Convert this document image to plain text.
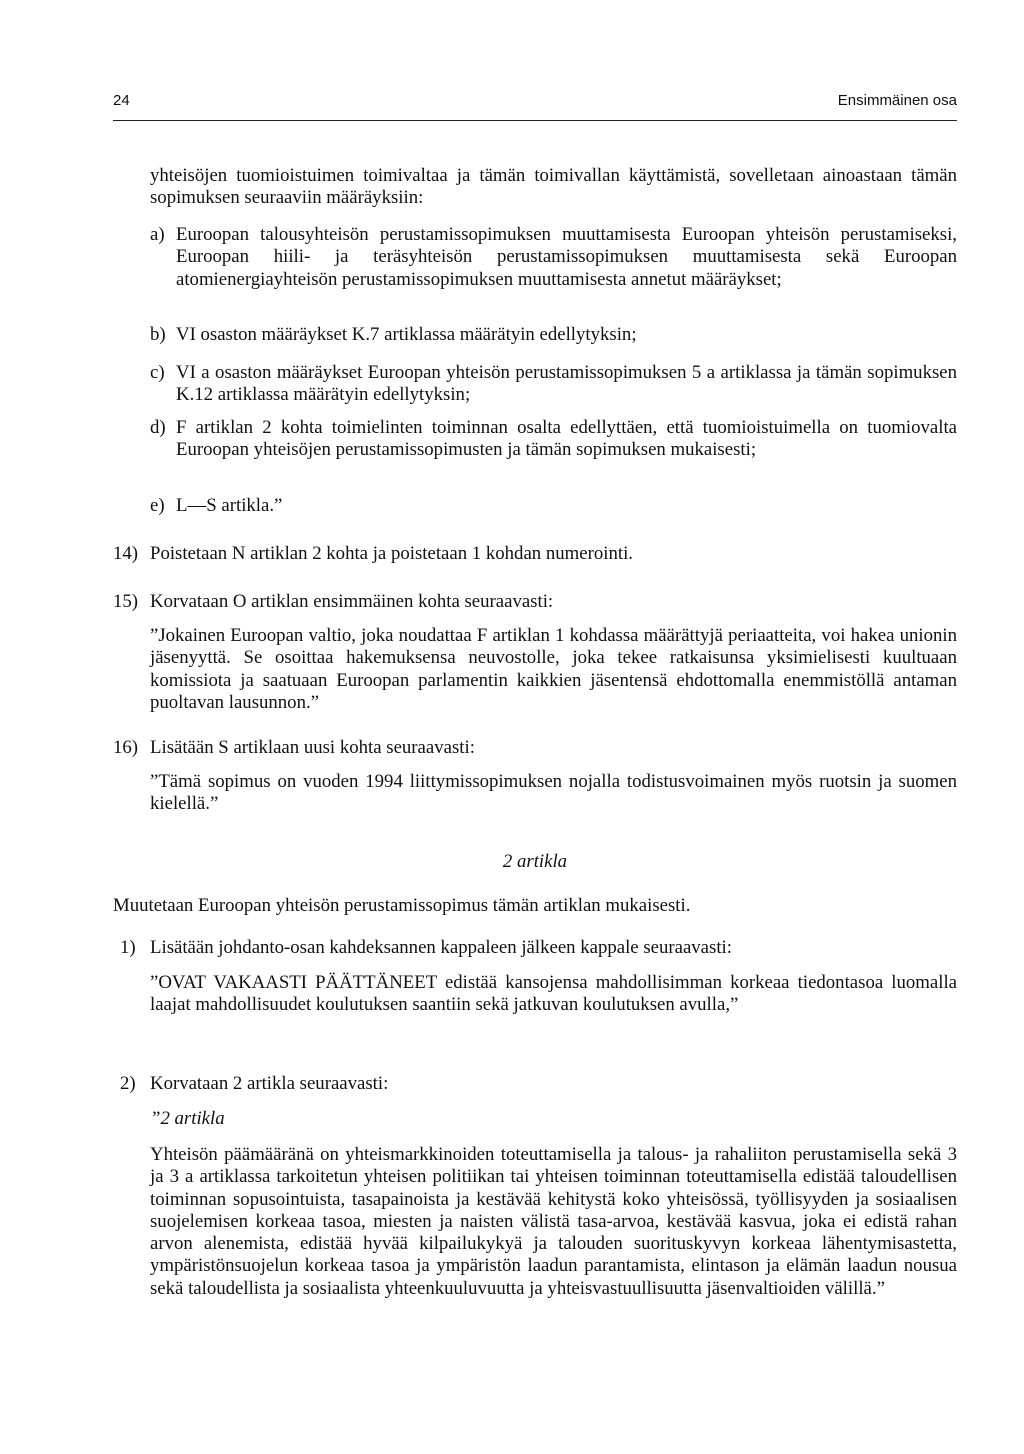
24	Ensimmäinen osa

yhteisöjen tuomioistuimen toimivaltaa ja tämän toimivallan käyttämistä, sovelletaan ainoastaan tämän sopimuksen seuraaviin määräyksiin:

a) Euroopan talousyhteisön perustamissopimuksen muuttamisesta Euroopan yhteisön perustamiseksi, Euroopan hiili- ja teräsyhteisön perustamissopimuksen muuttamisesta sekä Euroopan atomienergiayhteisön perustamissopimuksen muuttamisesta annetut määräykset;

b) VI osaston määräykset K.7 artiklassa määrätyin edellytyksin;

c) VI a osaston määräykset Euroopan yhteisön perustamissopimuksen 5 a artiklassa ja tämän sopimuksen K.12 artiklassa määrätyin edellytyksin;

d) F artiklan 2 kohta toimielinten toiminnan osalta edellyttäen, että tuomioistuimella on tuomiovalta Euroopan yhteisöjen perustamissopimusten ja tämän sopimuksen mukaisesti;

e) L—S artikla.”

14) Poistetaan N artiklan 2 kohta ja poistetaan 1 kohdan numerointi.

15) Korvataan O artiklan ensimmäinen kohta seuraavasti:

”Jokainen Euroopan valtio, joka noudattaa F artiklan 1 kohdassa määrättyjä periaatteita, voi hakea unionin jäsenyyttä. Se osoittaa hakemuksensa neuvostolle, joka tekee ratkaisunsa yksimielisesti kuultuaan komissiota ja saatuaan Euroopan parlamentin kaikkien jäsentensä ehdottomalla enemmistöllä antaman puoltavan lausunnon.”

16) Lisätään S artiklaan uusi kohta seuraavasti:

”Tämä sopimus on vuoden 1994 liittymissopimuksen nojalla todistusvoimainen myös ruotsin ja suomen kielellä.”

2 artikla

Muutetaan Euroopan yhteisön perustamissopimus tämän artiklan mukaisesti.

1) Lisätään johdanto-osan kahdeksannen kappaleen jälkeen kappale seuraavasti:

”OVAT VAKAASTI PÄÄTTÄNEET edistää kansojensa mahdollisimman korkeaa tiedontasoa luomalla laajat mahdollisuudet koulutuksen saantiin sekä jatkuvan koulutuksen avulla,”

2) Korvataan 2 artikla seuraavasti:

”2 artikla

Yhteisön päämääränä on yhteismarkkinoiden toteuttamisella ja talous- ja rahaliiton perustamisella sekä 3 ja 3 a artiklassa tarkoitetun yhteisen politiikan tai yhteisen toiminnan toteuttamisella edistää taloudellisen toiminnan sopusointuista, tasapainoista ja kestävää kehitystä koko yhteisössä, työllisyyden ja sosiaalisen suojelemisen korkeaa tasoa, miesten ja naisten välistä tasa-arvoa, kestävää kasvua, joka ei edistä rahan arvon alenemista, edistää hyvää kilpailukykyä ja talouden suorituskyvyn korkeaa lähentymisastetta, ympäristönsuojelun korkeaa tasoa ja ympäristön laadun parantamista, elintason ja elämän laadun nousua sekä taloudellista ja sosiaalista yhteenkuuluvuutta ja yhteisvastuullisuutta jäsenvaltioiden välillä.”
